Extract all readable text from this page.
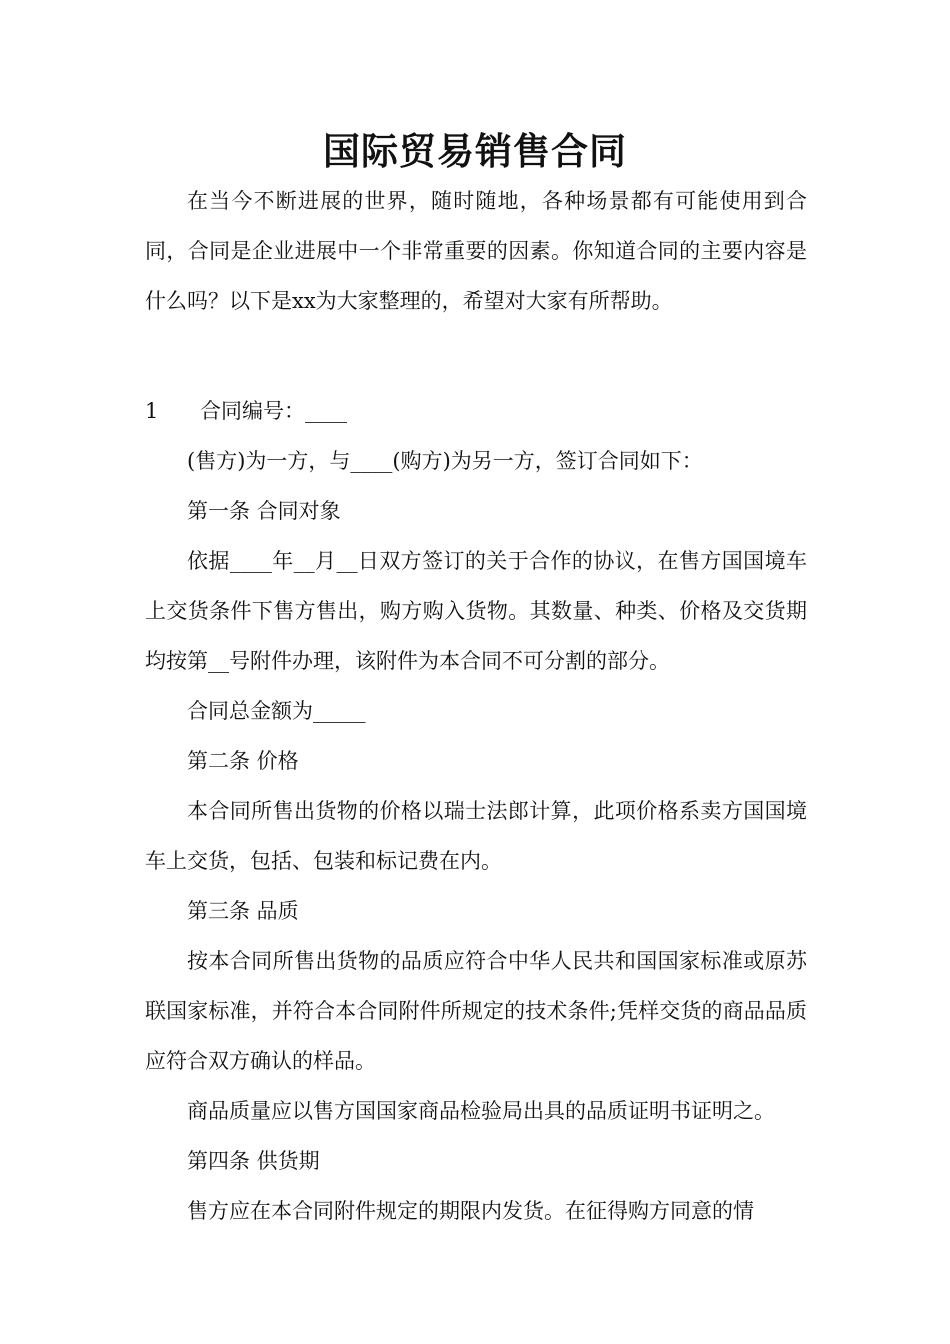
国际贸易销售合同

在当今不断进展的世界，随时随地，各种场景都有可能使用到合同，合同是企业进展中一个非常重要的因素。你知道合同的主要内容是什么吗？以下是xx为大家整理的，希望对大家有所帮助。

1 合同编号：____

(售方)为一方，与____(购方)为另一方，签订合同如下：

第一条 合同对象

依据____年__月__日双方签订的关于合作的协议，在售方国国境车上交货条件下售方售出，购方购入货物。其数量、种类、价格及交货期均按第__号附件办理，该附件为本合同不可分割的部分。

合同总金额为_____

第二条 价格

本合同所售出货物的价格以瑞士法郎计算，此项价格系卖方国国境车上交货，包括、包装和标记费在内。

第三条 品质

按本合同所售出货物的品质应符合中华人民共和国国家标准或原苏联国家标准，并符合本合同附件所规定的技术条件;凭样交货的商品品质应符合双方确认的样品。

商品质量应以售方国国家商品检验局出具的品质证明书证明之。

第四条 供货期

售方应在本合同附件规定的期限内发货。在征得购方同意的情
